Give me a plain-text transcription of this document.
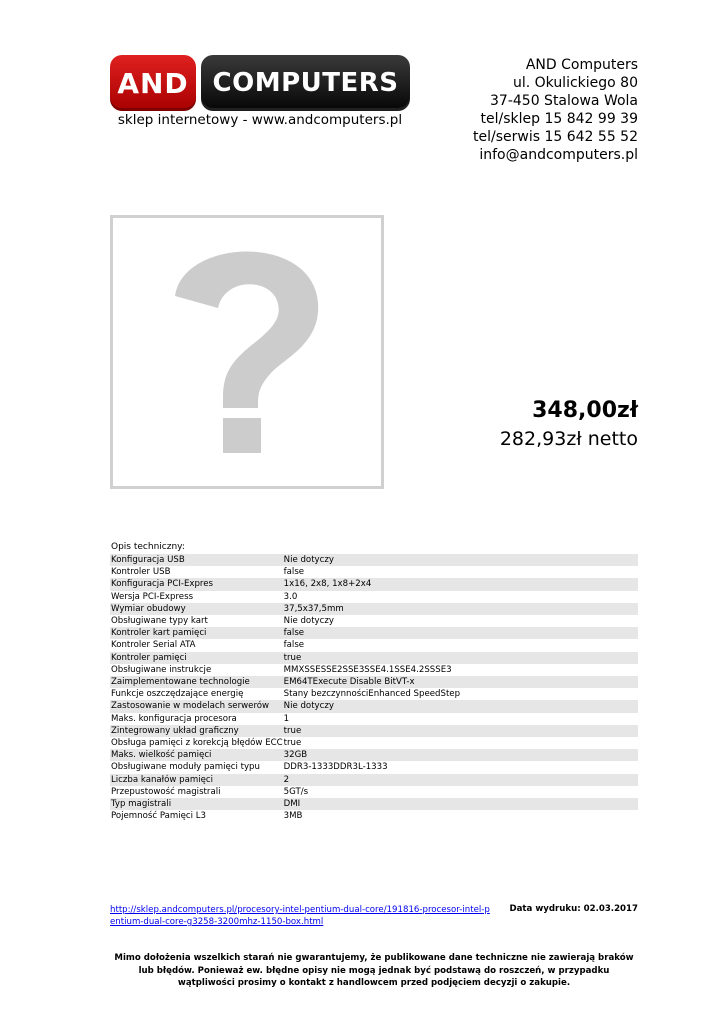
AND COMPUTERS
sklep internetowy - www.andcomputers.pl
AND Computers
ul. Okulickiego 80
37-450 Stalowa Wola
tel/sklep 15 842 99 39
tel/serwis 15 642 55 52
info@andcomputers.pl
348,00zł
282,93zł netto
Opis techniczny:
Konfiguracja USB	Nie dotyczy
Kontroler USB	false
Konfiguracja PCI-Expres	1x16, 2x8, 1x8+2x4
Wersja PCI-Express	3.0
Wymiar obudowy	37,5x37,5mm
Obsługiwane typy kart	Nie dotyczy
Kontroler kart pamięci	false
Kontroler Serial ATA	false
Kontroler pamięci	true
Obsługiwane instrukcje	MMXSSESSE2SSE3SSE4.1SSE4.2SSSE3
Zaimplementowane technologie	EM64TExecute Disable BitVT-x
Funkcje oszczędzające energię	Stany bezczynnościEnhanced SpeedStep
Zastosowanie w modelach serwerów	Nie dotyczy
Maks. konfiguracja procesora	1
Zintegrowany układ graficzny	true
Obsługa pamięci z korekcją błędów ECC	true
Maks. wielkość pamięci	32GB
Obsługiwane moduły pamięci typu	DDR3-1333DDR3L-1333
Liczba kanałów pamięci	2
Przepustowość magistrali	5GT/s
Typ magistrali	DMI
Pojemność Pamięci L3	3MB
http://sklep.andcomputers.pl/procesory-intel-pentium-dual-core/191816-procesor-intel-pentium-dual-core-g3258-3200mhz-1150-box.html
Data wydruku: 02.03.2017
Mimo dołożenia wszelkich starań nie gwarantujemy, że publikowane dane techniczne nie zawierają braków lub błędów. Ponieważ ew. błędne opisy nie mogą jednak być podstawą do roszczeń, w przypadku wątpliwości prosimy o kontakt z handlowcem przed podjęciem decyzji o zakupie.
